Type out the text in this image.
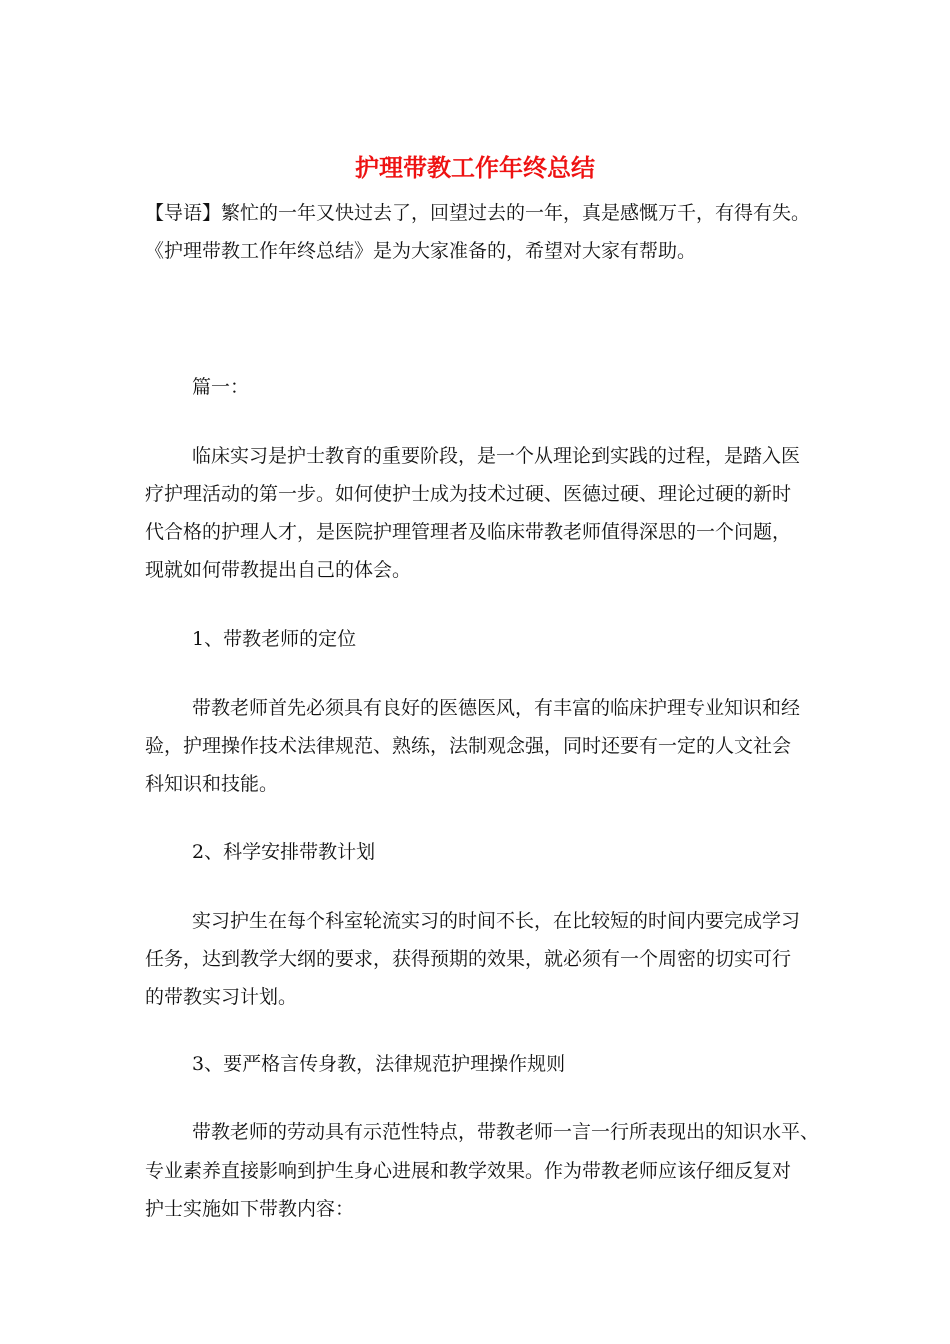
护理带教工作年终总结
【导语】繁忙的一年又快过去了，回望过去的一年，真是感慨万千，有得有失。
《护理带教工作年终总结》是为大家准备的，希望对大家有帮助。
篇一：
临床实习是护士教育的重要阶段，是一个从理论到实践的过程，是踏入医
疗护理活动的第一步。如何使护士成为技术过硬、医德过硬、理论过硬的新时
代合格的护理人才，是医院护理管理者及临床带教老师值得深思的一个问题，
现就如何带教提出自己的体会。
1、带教老师的定位
带教老师首先必须具有良好的医德医风，有丰富的临床护理专业知识和经
验，护理操作技术法律规范、熟练，法制观念强，同时还要有一定的人文社会
科知识和技能。
2、科学安排带教计划
实习护生在每个科室轮流实习的时间不长，在比较短的时间内要完成学习
任务，达到教学大纲的要求，获得预期的效果，就必须有一个周密的切实可行
的带教实习计划。
3、要严格言传身教，法律规范护理操作规则
带教老师的劳动具有示范性特点，带教老师一言一行所表现出的知识水平、
专业素养直接影响到护生身心进展和教学效果。作为带教老师应该仔细反复对
护士实施如下带教内容：
